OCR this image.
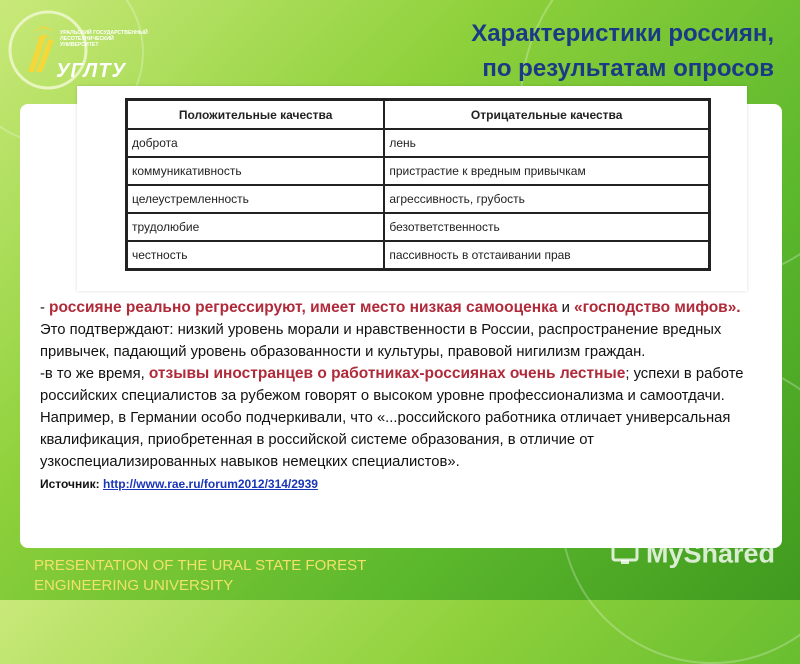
УРАЛЬСКИЙ ГОСУДАРСТВЕННЫЙ ЛЕСОТЕХНИЧЕСКИЙ УНИВЕРСИТЕТ
УГЛТУ
Характеристики россиян,
по результатам опросов
Положительные качества	Отрицательные качества
доброта	лень
коммуникативность	пристрастие к вредным привычкам
целеустремленность	агрессивность, грубость
трудолюбие	безответственность
честность	пассивность в отстаивании прав

- россияне реально регрессируют, имеет место низкая самооценка и «господство мифов». Это подтверждают: низкий уровень морали и нравственности в России, распространение вредных привычек, падающий уровень образованности и культуры, правовой нигилизм граждан.

-в то же время, отзывы иностранцев о работниках-россиянах очень лестные; успехи в работе российских специалистов за рубежом говорят о высоком уровне профессионализма и самоотдачи. Например, в Германии особо подчеркивали, что «...российского работника отличает универсальная квалификация, приобретенная в российской системе образования, в отличие от узкоспециализированных навыков немецких специалистов».

Источник: http://www.rae.ru/forum2012/314/2939

PRESENTATION OF THE URAL STATE FOREST ENGINEERING UNIVERSITY
MyShared
